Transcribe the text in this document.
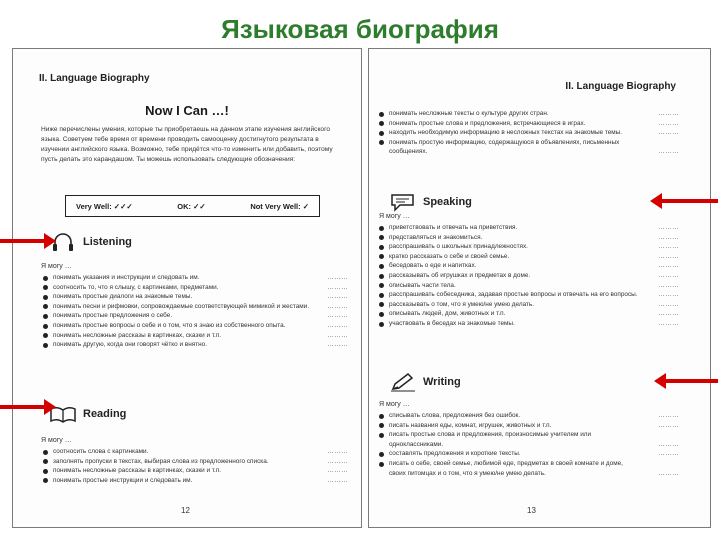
Языковая биография
II. Language Biography
Now I Can …!
Ниже перечислены умения, которые ты приобретаешь на данном этапе изучения английского языка. Советуем тебе время от времени проводить самооценку достигнутого результата в изучении английского языка. Возможно, тебе придётся что-то изменить или добавить, поэтому пусть делать это карандашом. Ты можешь использовать следующие обозначения:
Very Well: ✓✓✓	OK: ✓✓	Not Very Well: ✓
Listening
Я могу …
понимать указания и инструкции и следовать им.	………
соотносить то, что я слышу, с картинками, предметами.	………
понимать простые диалоги на знакомые темы.	………
понимать песни и рифмовки, сопровождаемые соответствующей мимикой и жестами.	………
понимать простые предложения о себе.	………
понимать простые вопросы о себе и о том, что я знаю из собственного опыта.	………
понимать несложные рассказы в картинках, сказки и т.п.	………
понимать другую, когда они говорят чётко и внятно.	………
Reading
Я могу …
соотносить слова с картинками.	………
заполнять пропуски в текстах, выбирая слова из предложенного списка.	………
понимать несложные рассказы в картинках, сказки и т.п.	………
понимать простые инструкции и следовать им.	………
12
II. Language Biography
понимать несложные тексты о культуре других стран.	………
понимать простые слова и предложения, встречающиеся в играх.	………
находить необходимую информацию в несложных текстах на знакомые темы.	………
понимать простую информацию, содержащуюся в объявлениях, письменных сообщениях.	………
Speaking
Я могу …
приветствовать и отвечать на приветствия.	………
представляться и знакомиться.	………
расспрашивать о школьных принадлежностях.	………
кратко рассказать о себе и своей семье.	………
беседовать о еде и напитках.	………
рассказывать об игрушках и предметах в доме.	………
описывать части тела.	………
расспрашивать собеседника, задавая простые вопросы и отвечать на его вопросы.	………
рассказывать о том, что я умею/не умею делать.	………
описывать людей, дом, животных и т.п.	………
участвовать в беседах на знакомые темы.	………
Writing
Я могу …
списывать слова, предложения без ошибок.	………
писать названия еды, комнат, игрушек, животных и т.п.	………
писать простые слова и предложения, произносимые учителем или одноклассниками.	………
составлять предложения и короткие тексты.	………
писать о себе, своей семье, любимой еде, предметах в своей комнате и доме, своих питомцах и о том, что я умею/не умею делать.	………
13
